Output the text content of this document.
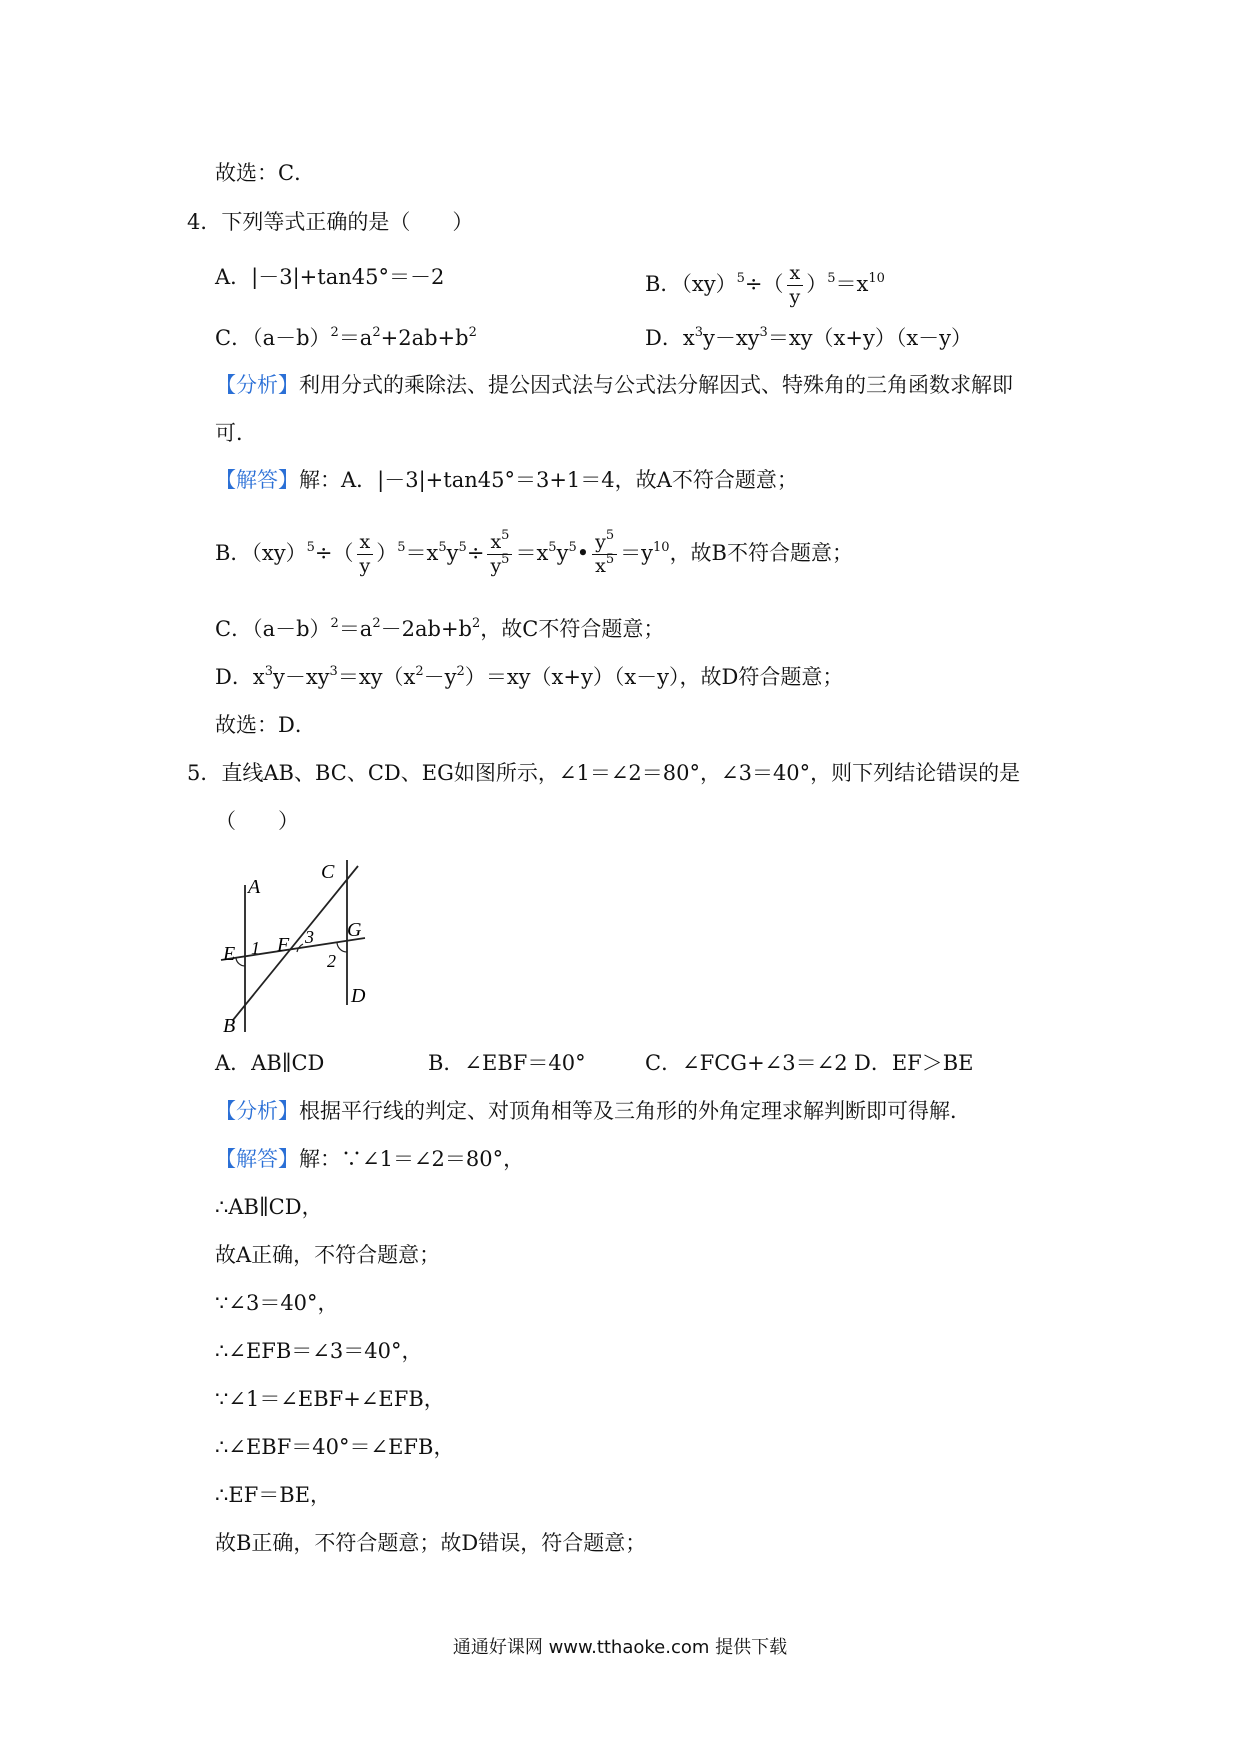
故选：C．
4．下列等式正确的是（　　）
A．|－3|+tan45°＝－2	B．$(xy)^5\div( \frac{x}{y} )^5=x^{10}$
C．$(a-b)^2=a^2+2ab+b^2$	D．$x^3y-xy^3=xy(x+y)(x-y)$
【分析】利用分式的乘除法、提公因式法与公式法分解因式、特殊角的三角函数求解即
可．
【解答】解：A．|－3|+tan45°＝3+1＝4，故A不符合题意；
B．$(xy)^5\div( \frac{x}{y} )^5=x^5y^5\div \frac{x^5}{y^5}$ $=x^5y^5• \frac{y^5}{x^5} =y^{10}$，故B不符合题意；
C．$(a-b)^2=a^2-2ab+b^2$，故C不符合题意；
D．$x^3y-xy^3=xy(x^2-y^2)=xy(x+y)(x-y)$，故D符合题意；
故选：D．
5．直线AB、BC、CD、EG如图所示，∠1＝∠2＝80°，∠3＝40°，则下列结论错误的是
（　　）
A
B
C
D
E F
G
1
2
3
A．AB∥CD	B．∠EBF＝40°	C．∠FCG+∠3＝∠2 D．EF＞BE
【分析】根据平行线的判定、对顶角相等及三角形的外角定理求解判断即可得解．
【解答】解：∵∠1＝∠2＝80°，
∴AB∥CD，
故A正确，不符合题意；
∵∠3＝40°，
∴∠EFB＝∠3＝40°，
∵∠1＝∠EBF+∠EFB，
∴∠EBF＝40°＝∠EFB，
∴EF＝BE，
故B正确，不符合题意；故D错误，符合题意；
通通好课网 www.tthaoke.com 提供下载
